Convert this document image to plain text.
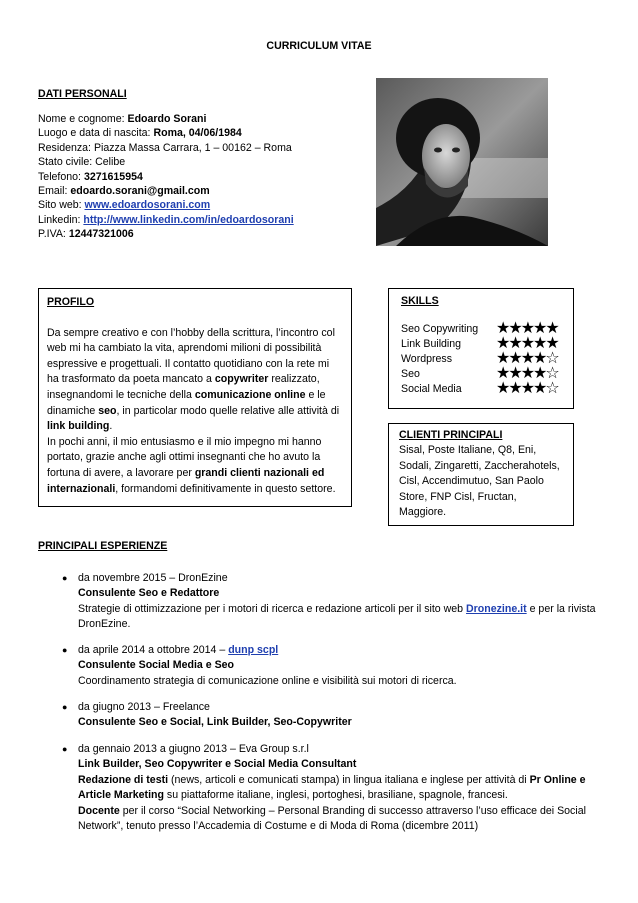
CURRICULUM VITAE
DATI PERSONALI
Nome e cognome: Edoardo Sorani
Luogo e data di nascita: Roma, 04/06/1984
Residenza: Piazza Massa Carrara, 1 – 00162 – Roma
Stato civile: Celibe
Telefono: 3271615954
Email: edoardo.sorani@gmail.com
Sito web: www.edoardosorani.com
Linkedin: http://www.linkedin.com/in/edoardosorani
P.IVA: 12447321006
PROFILO

Da sempre creativo e con l’hobby della scrittura, l’incontro col web mi ha cambiato la vita, aprendomi milioni di possibilità espressive e progettuali. Il contatto quotidiano con la rete mi ha trasformato da poeta mancato a copywriter realizzato, insegnandomi le tecniche della comunicazione online e le dinamiche seo, in particolar modo quelle relative alle attività di link building.

In pochi anni, il mio entusiasmo e il mio impegno mi hanno portato, grazie anche agli ottimi insegnanti che ho avuto la fortuna di avere, a lavorare per grandi clienti nazionali ed internazionali, formandomi definitivamente in questo settore.

SKILLS
Seo Copywriting	★★★★★
Link Building	★★★★★
Wordpress	★★★★☆
Seo	★★★★☆
Social Media	★★★★☆
CLIENTI PRINCIPALI
Sisal, Poste Italiane, Q8, Eni, Sodali, Zingaretti, Zaccherahotels, Cisl, Accendimutuo, San Paolo Store, FNP Cisl, Fructan, Maggiore.
PRINCIPALI ESPERIENZE
● da novembre 2015 – DronEzine
Consulente Seo e Redattore
Strategie di ottimizzazione per i motori di ricerca e redazione articoli per il sito web Dronezine.it e per la rivista DronEzine.
● da aprile 2014 a ottobre 2014 – dunp scpl
Consulente Social Media e Seo
Coordinamento strategia di comunicazione online e visibilità sui motori di ricerca.
● da giugno 2013 – Freelance
Consulente Seo e Social, Link Builder, Seo-Copywriter
● da gennaio 2013 a giugno 2013 – Eva Group s.r.l
Link Builder, Seo Copywriter e Social Media Consultant
Redazione di testi (news, articoli e comunicati stampa) in lingua italiana e inglese per attività di Pr Online e Article Marketing su piattaforme italiane, inglesi, portoghesi, brasiliane, spagnole, francesi.
Docente per il corso “Social Networking – Personal Branding di successo attraverso l’uso efficace dei Social Network”, tenuto presso l’Accademia di Costume e di Moda di Roma (dicembre 2011)
